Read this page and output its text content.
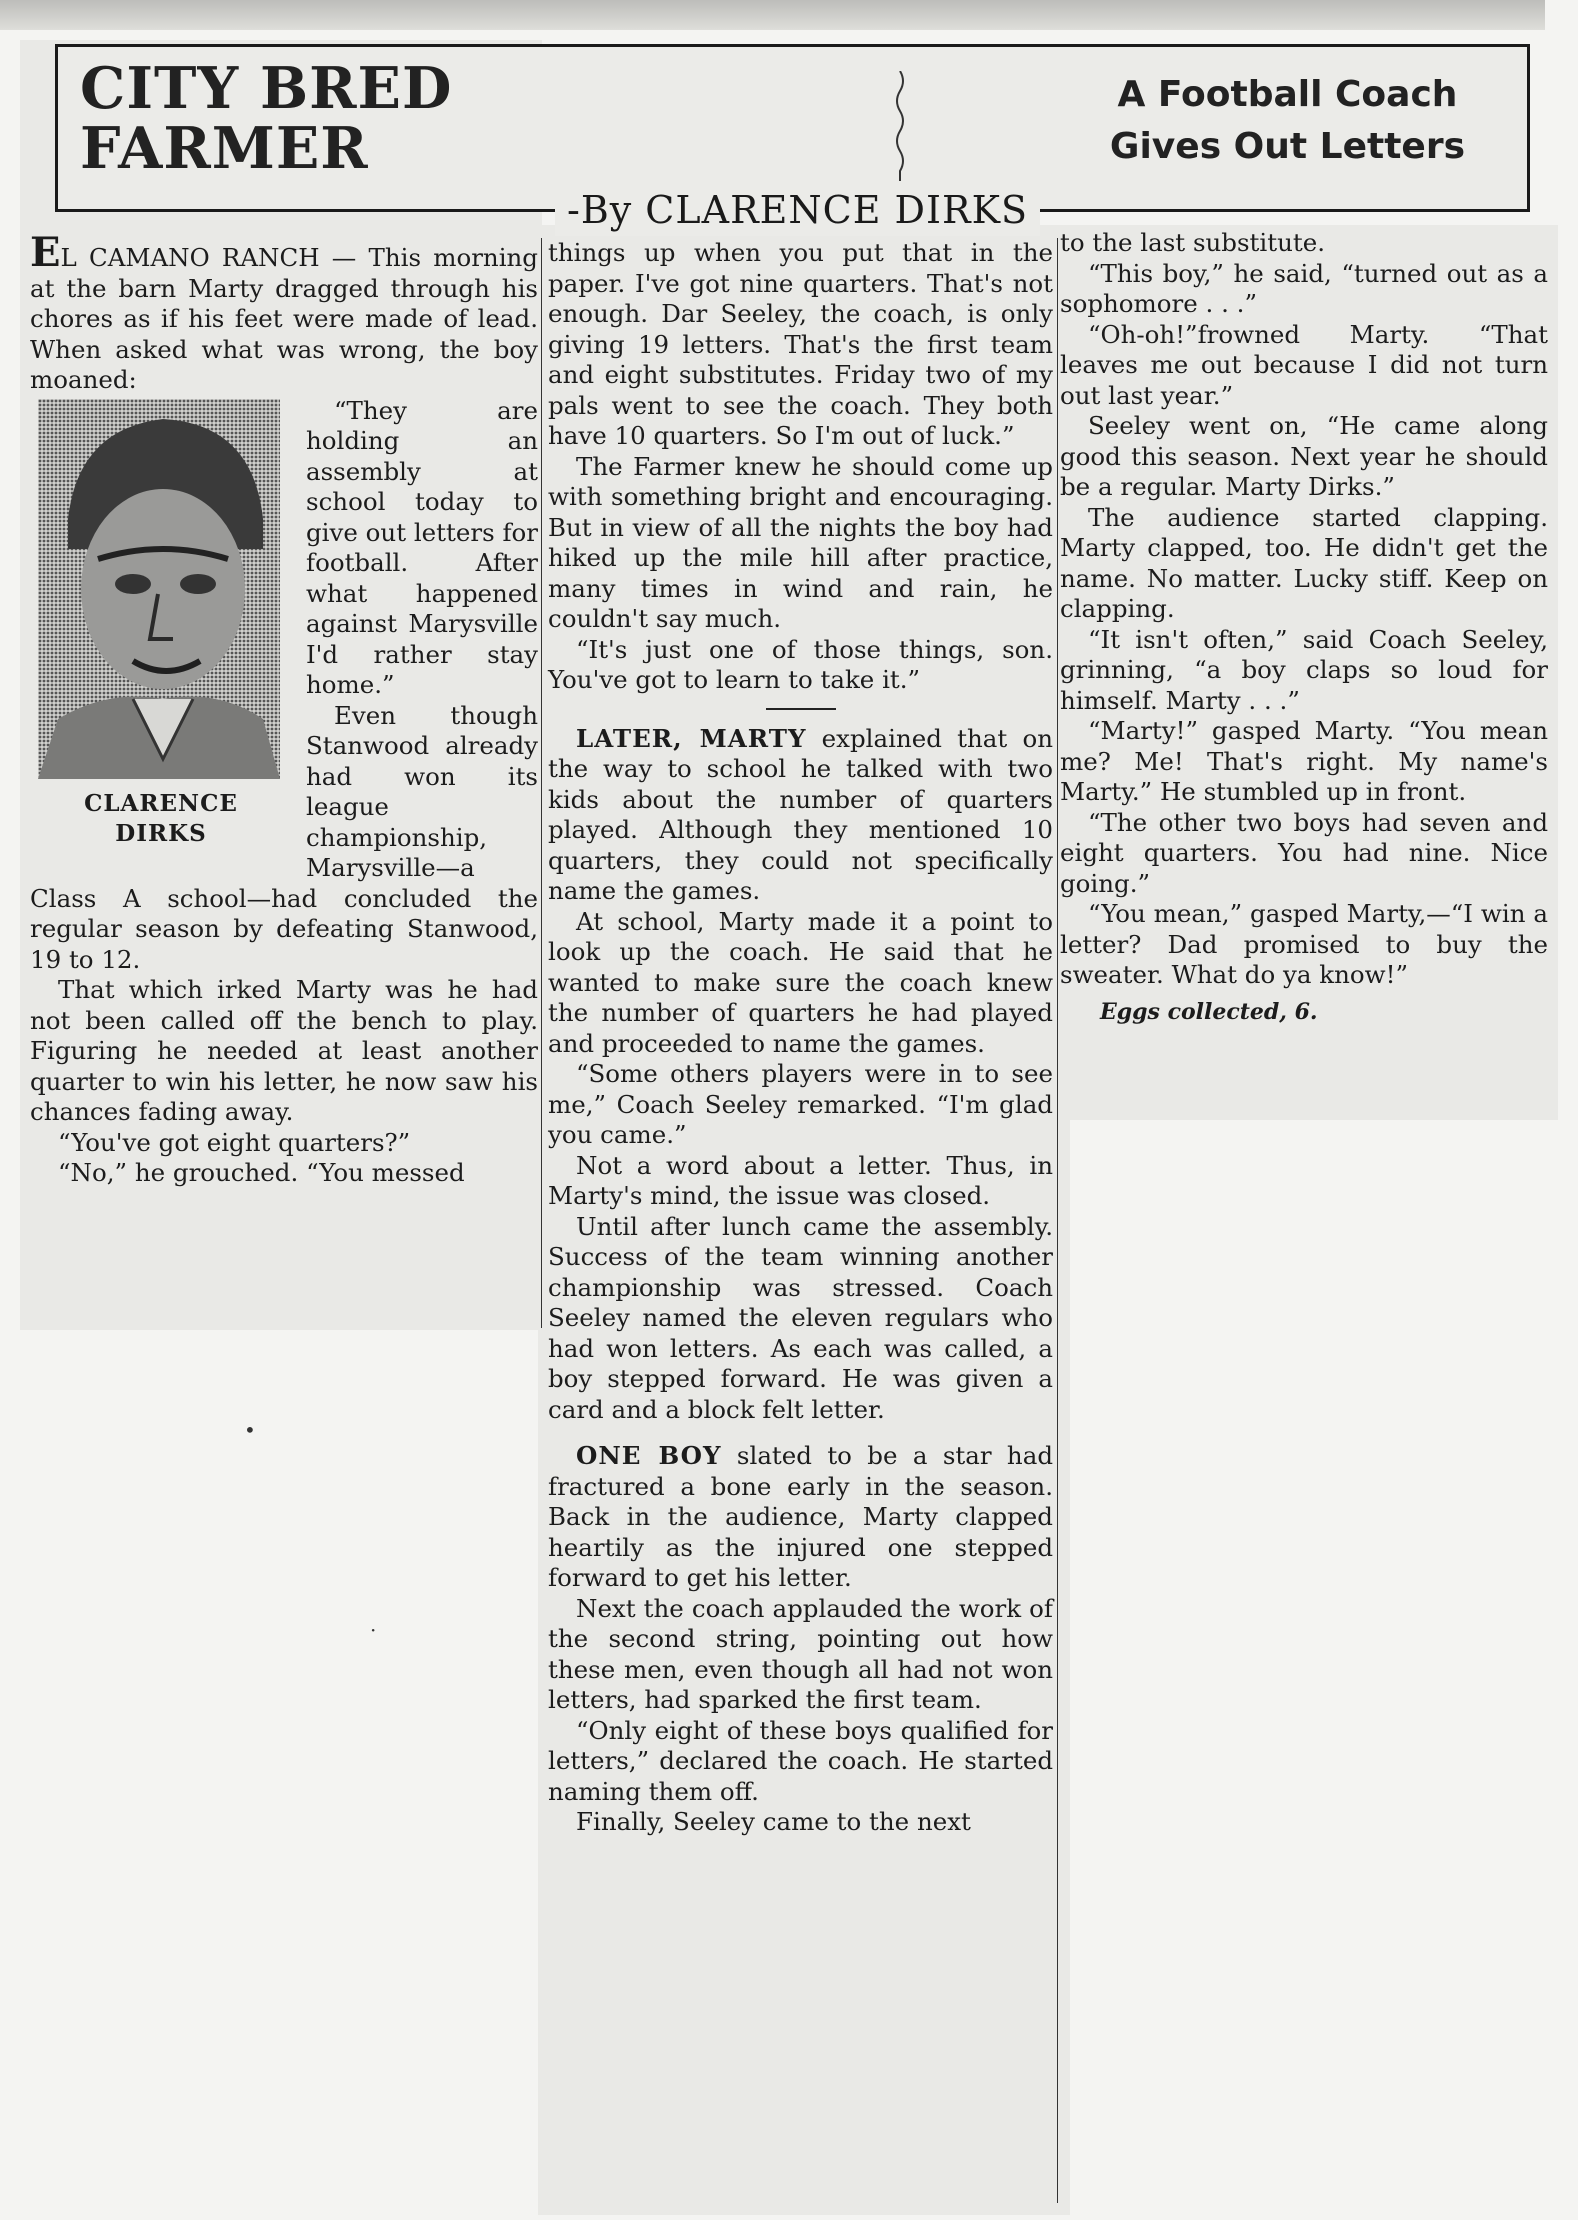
CITY BRED
FARMER
A Football Coach
Gives Out Letters
-By CLARENCE DIRKS

EL CAMANO RANCH — This morning at the barn Marty dragged through his chores as if his feet were made of lead. When asked what was wrong, the boy moaned:

CLARENCE
DIRKS

“They are holding an assembly at school today to give out letters for football. After what happened against Marysville I'd rather stay home.”

Even though Stanwood already had won its league championship, Marysville—a Class A school—had concluded the regular season by defeating Stanwood, 19 to 12.

That which irked Marty was he had not been called off the bench to play. Figuring he needed at least another quarter to win his letter, he now saw his chances fading away.

“You've got eight quarters?”

“No,” he grouched. “You messed

things up when you put that in the paper. I've got nine quarters. That's not enough. Dar Seeley, the coach, is only giving 19 letters. That's the first team and eight substitutes. Friday two of my pals went to see the coach. They both have 10 quarters. So I'm out of luck.”

The Farmer knew he should come up with something bright and encouraging. But in view of all the nights the boy had hiked up the mile hill after practice, many times in wind and rain, he couldn't say much.

“It's just one of those things, son. You've got to learn to take it.”

LATER, MARTY explained that on the way to school he talked with two kids about the number of quarters played. Although they mentioned 10 quarters, they could not specifically name the games.

At school, Marty made it a point to look up the coach. He said that he wanted to make sure the coach knew the number of quarters he had played and proceeded to name the games.

“Some others players were in to see me,” Coach Seeley remarked. “I'm glad you came.”

Not a word about a letter. Thus, in Marty's mind, the issue was closed.

Until after lunch came the assembly. Success of the team winning another championship was stressed. Coach Seeley named the eleven regulars who had won letters. As each was called, a boy stepped forward. He was given a card and a block felt letter.

ONE BOY slated to be a star had fractured a bone early in the season. Back in the audience, Marty clapped heartily as the injured one stepped forward to get his letter.

Next the coach applauded the work of the second string, pointing out how these men, even though all had not won letters, had sparked the first team.

“Only eight of these boys qualified for letters,” declared the coach. He started naming them off.

Finally, Seeley came to the next

to the last substitute.

“This boy,” he said, “turned out as a sophomore . . .”

“Oh-oh!”frowned Marty. “That leaves me out because I did not turn out last year.”

Seeley went on, “He came along good this season. Next year he should be a regular. Marty Dirks.”

The audience started clapping. Marty clapped, too. He didn't get the name. No matter. Lucky stiff. Keep on clapping.

“It isn't often,” said Coach Seeley, grinning, “a boy claps so loud for himself. Marty . . .”

“Marty!” gasped Marty. “You mean me? Me! That's right. My name's Marty.” He stumbled up in front.

“The other two boys had seven and eight quarters. You had nine. Nice going.”

“You mean,” gasped Marty,—“I win a letter? Dad promised to buy the sweater. What do ya know!”

Eggs collected, 6.

•
·
